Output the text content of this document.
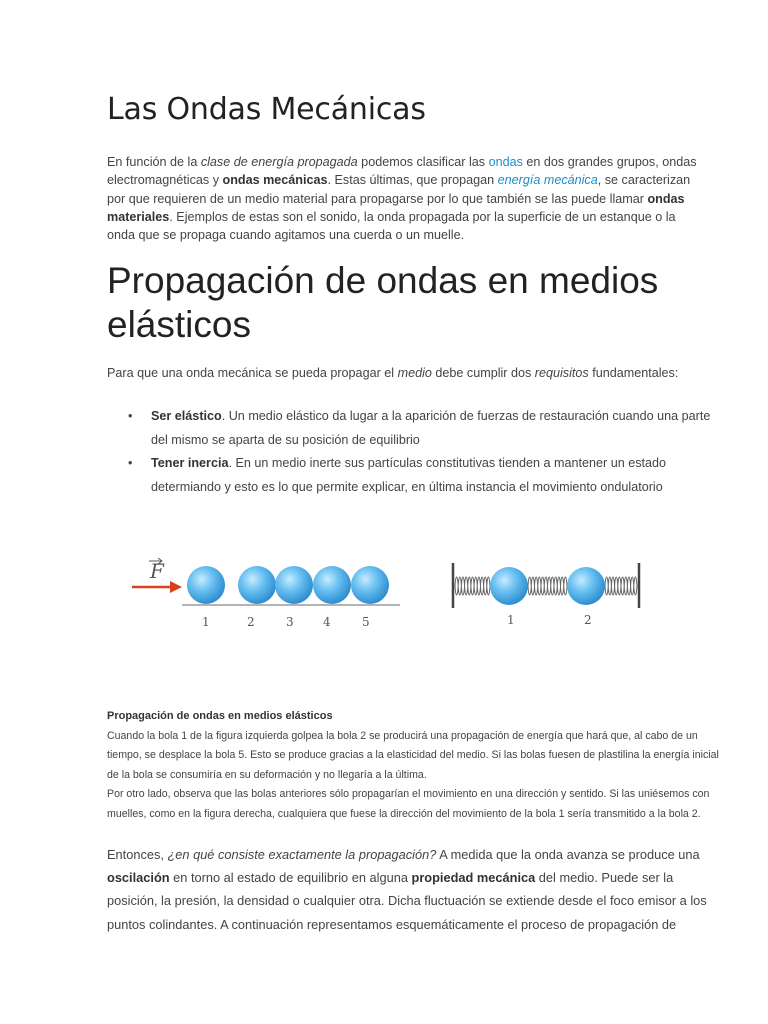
Las Ondas Mecánicas

En función de la clase de energía propagada podemos clasificar las ondas en dos grandes grupos, ondas electromagnéticas y ondas mecánicas. Estas últimas, que propagan energía mecánica, se caracterizan por que requieren de un medio material para propagarse por lo que también se las puede llamar ondas materiales. Ejemplos de estas son el sonido, la onda propagada por la superficie de un estanque o la onda que se propaga cuando agitamos una cuerda o un muelle.

Propagación de ondas en medios elásticos

Para que una onda mecánica se pueda propagar el medio debe cumplir dos requisitos fundamentales:

• Ser elástico. Un medio elástico da lugar a la aparición de fuerzas de restauración cuando una parte del mismo se aparta de su posición de equilibrio
• Tener inercia. En un medio inerte sus partículas constitutivas tienden a mantener un estado determiando y esto es lo que permite explicar, en última instancia el movimiento ondulatorio
F
1	2	3 4	5	1	2
Propagación de ondas en medios elásticos
Cuando la bola 1 de la figura izquierda golpea la bola 2 se producirá una propagación de energía que hará que, al cabo de un tiempo, se desplace la bola 5. Esto se produce gracias a la elasticidad del medio. Si las bolas fuesen de plastilina la energía inicial de la bola se consumiría en su deformación y no llegaría a la última.
Por otro lado, observa que las bolas anteriores sólo propagarían el movimiento en una dirección y sentido. Si las uniésemos con muelles, como en la figura derecha, cualquiera que fuese la dirección del movimiento de la bola 1 sería transmitido a la bola 2.

Entonces, ¿en qué consiste exactamente la propagación? A medida que la onda avanza se produce una oscilación en torno al estado de equilibrio en alguna propiedad mecánica del medio. Puede ser la posición, la presión, la densidad o cualquier otra. Dicha fluctuación se extiende desde el foco emisor a los puntos colindantes. A continuación representamos esquemáticamente el proceso de propagación de
